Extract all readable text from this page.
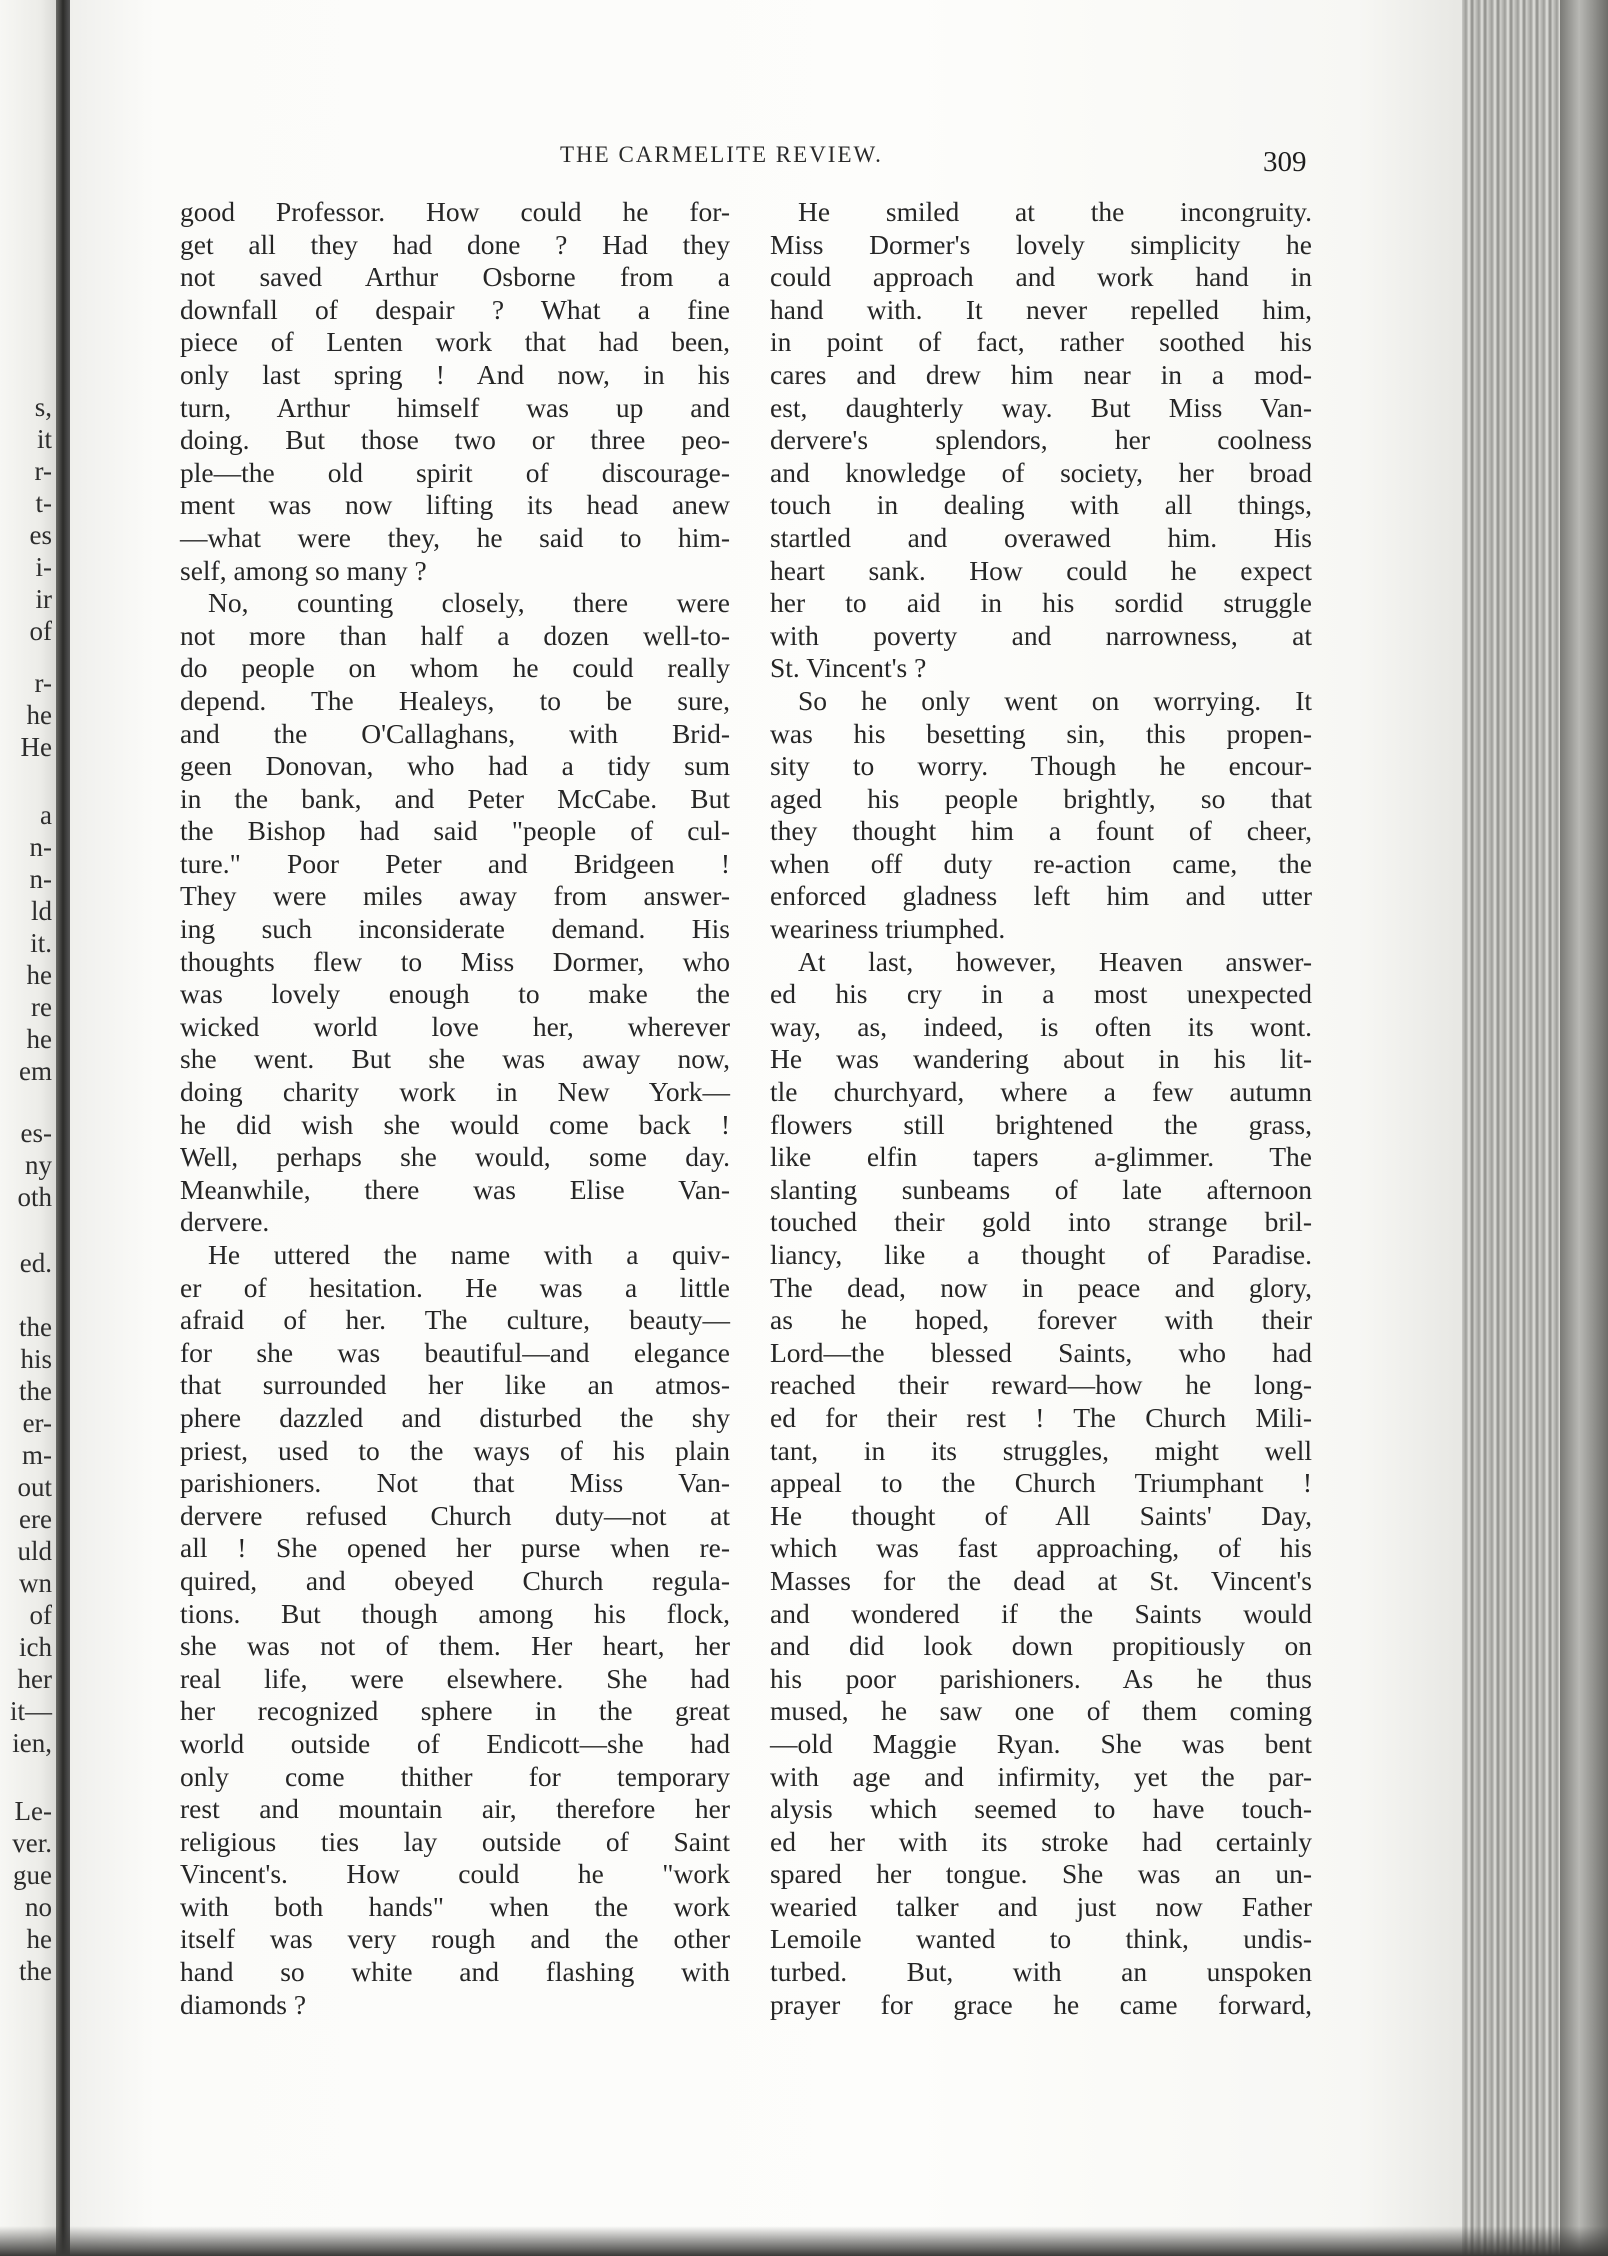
s,
it
r-
t-
es
i-
ir
of
r-
he
He
a
n-
n-
ld
it.
he
re
he
em
es-
ny
oth
ed.
the
his
the
er-
m-
out
ere
uld
wn
of
ich
her
it—
ien,
Le-
ver.
gue
no
he
the
THE CARMELITE REVIEW.	309
good Professor. How could he for-
get all they had done ? Had they
not saved Arthur Osborne from a
downfall of despair ? What a fine
piece of Lenten work that had been,
only last spring ! And now, in his
turn, Arthur himself was up and
doing. But those two or three peo-
ple—the old spirit of discourage-
ment was now lifting its head anew
—what were they, he said to him-
self, among so many ?
No, counting closely, there were
not more than half a dozen well-to-
do people on whom he could really
depend. The Healeys, to be sure,
and the O'Callaghans, with Brid-
geen Donovan, who had a tidy sum
in the bank, and Peter McCabe. But
the Bishop had said "people of cul-
ture." Poor Peter and Bridgeen !
They were miles away from answer-
ing such inconsiderate demand. His
thoughts flew to Miss Dormer, who
was lovely enough to make the
wicked world love her, wherever
she went. But she was away now,
doing charity work in New York—
he did wish she would come back !
Well, perhaps she would, some day.
Meanwhile, there was Elise Van-
dervere.
He uttered the name with a quiv-
er of hesitation. He was a little
afraid of her. The culture, beauty—
for she was beautiful—and elegance
that surrounded her like an atmos-
phere dazzled and disturbed the shy
priest, used to the ways of his plain
parishioners. Not that Miss Van-
dervere refused Church duty—not at
all ! She opened her purse when re-
quired, and obeyed Church regula-
tions. But though among his flock,
she was not of them. Her heart, her
real life, were elsewhere. She had
her recognized sphere in the great
world outside of Endicott—she had
only come thither for temporary
rest and mountain air, therefore her
religious ties lay outside of Saint
Vincent's. How could he "work
with both hands" when the work
itself was very rough and the other
hand so white and flashing with
diamonds ?
He smiled at the incongruity.
Miss Dormer's lovely simplicity he
could approach and work hand in
hand with. It never repelled him,
in point of fact, rather soothed his
cares and drew him near in a mod-
est, daughterly way. But Miss Van-
dervere's splendors, her coolness
and knowledge of society, her broad
touch in dealing with all things,
startled and overawed him. His
heart sank. How could he expect
her to aid in his sordid struggle
with poverty and narrowness, at
St. Vincent's ?
So he only went on worrying. It
was his besetting sin, this propen-
sity to worry. Though he encour-
aged his people brightly, so that
they thought him a fount of cheer,
when off duty re-action came, the
enforced gladness left him and utter
weariness triumphed.
At last, however, Heaven answer-
ed his cry in a most unexpected
way, as, indeed, is often its wont.
He was wandering about in his lit-
tle churchyard, where a few autumn
flowers still brightened the grass,
like elfin tapers a-glimmer. The
slanting sunbeams of late afternoon
touched their gold into strange bril-
liancy, like a thought of Paradise.
The dead, now in peace and glory,
as he hoped, forever with their
Lord—the blessed Saints, who had
reached their reward—how he long-
ed for their rest ! The Church Mili-
tant, in its struggles, might well
appeal to the Church Triumphant !
He thought of All Saints' Day,
which was fast approaching, of his
Masses for the dead at St. Vincent's
and wondered if the Saints would
and did look down propitiously on
his poor parishioners. As he thus
mused, he saw one of them coming
—old Maggie Ryan. She was bent
with age and infirmity, yet the par-
alysis which seemed to have touch-
ed her with its stroke had certainly
spared her tongue. She was an un-
wearied talker and just now Father
Lemoile wanted to think, undis-
turbed. But, with an unspoken
prayer for grace he came forward,
